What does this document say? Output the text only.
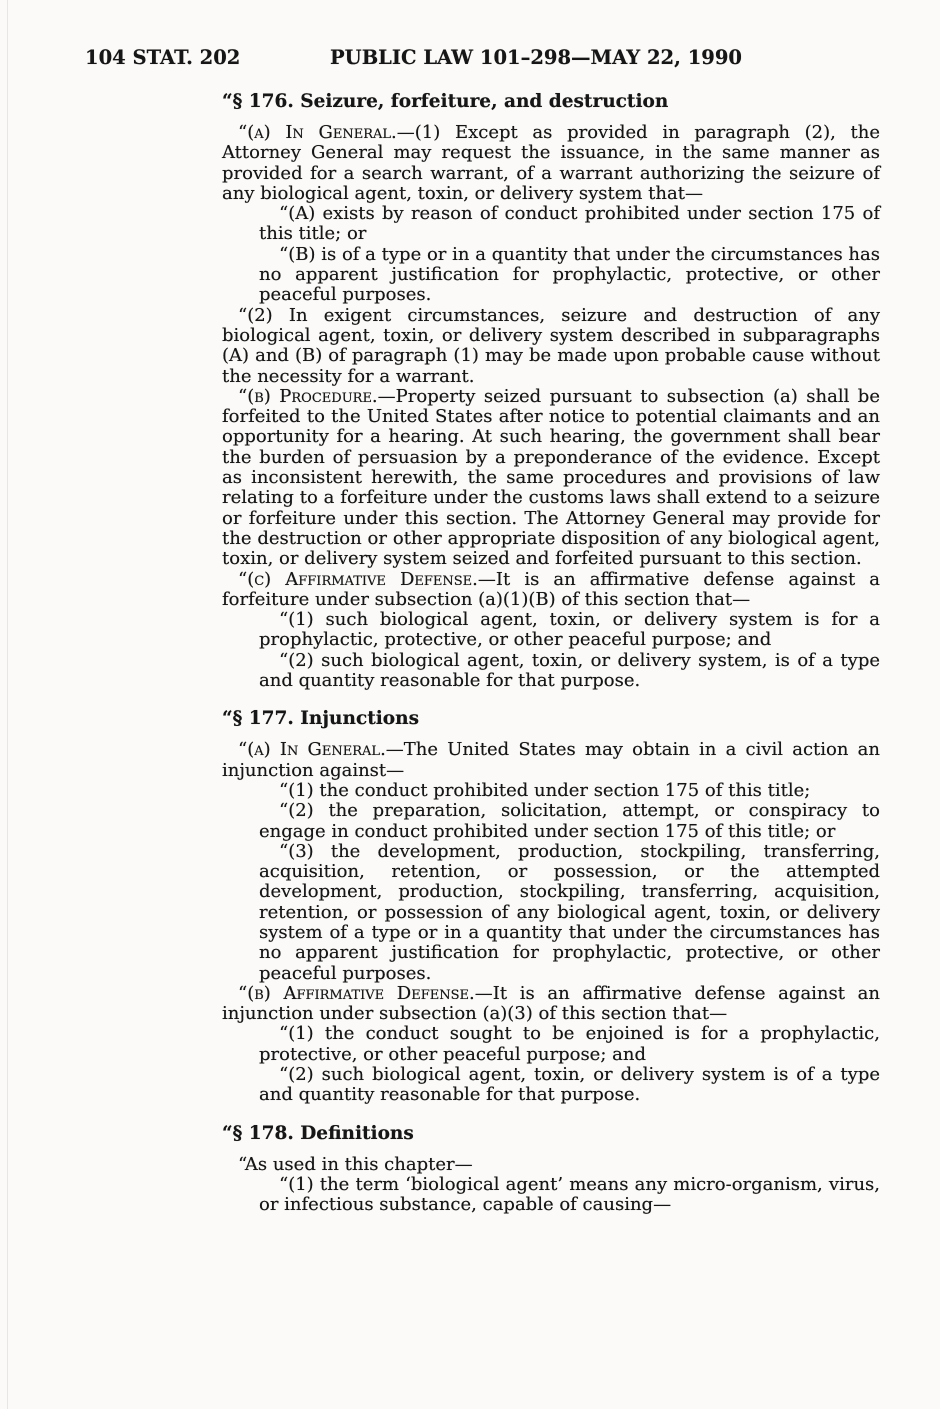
104 STAT. 202	PUBLIC LAW 101–298—MAY 22, 1990
“§ 176. Seizure, forfeiture, and destruction

“(a) In General.—(1) Except as provided in paragraph (2), the Attorney General may request the issuance, in the same manner as provided for a search warrant, of a warrant authorizing the seizure of any biological agent, toxin, or delivery system that—

“(A) exists by reason of conduct prohibited under section 175 of this title; or

“(B) is of a type or in a quantity that under the circumstances has no apparent justification for prophylactic, protective, or other peaceful purposes.

“(2) In exigent circumstances, seizure and destruction of any biological agent, toxin, or delivery system described in subparagraphs (A) and (B) of paragraph (1) may be made upon probable cause without the necessity for a warrant.

“(b) Procedure.—Property seized pursuant to subsection (a) shall be forfeited to the United States after notice to potential claimants and an opportunity for a hearing. At such hearing, the government shall bear the burden of persuasion by a preponderance of the evidence. Except as inconsistent herewith, the same procedures and provisions of law relating to a forfeiture under the customs laws shall extend to a seizure or forfeiture under this section. The Attorney General may provide for the destruction or other appropriate disposition of any biological agent, toxin, or delivery system seized and forfeited pursuant to this section.

“(c) Affirmative Defense.—It is an affirmative defense against a forfeiture under subsection (a)(1)(B) of this section that—

“(1) such biological agent, toxin, or delivery system is for a prophylactic, protective, or other peaceful purpose; and

“(2) such biological agent, toxin, or delivery system, is of a type and quantity reasonable for that purpose.

“§ 177. Injunctions

“(a) In General.—The United States may obtain in a civil action an injunction against—

“(1) the conduct prohibited under section 175 of this title;

“(2) the preparation, solicitation, attempt, or conspiracy to engage in conduct prohibited under section 175 of this title; or

“(3) the development, production, stockpiling, transferring, acquisition, retention, or possession, or the attempted development, production, stockpiling, transferring, acquisition, retention, or possession of any biological agent, toxin, or delivery system of a type or in a quantity that under the circumstances has no apparent justification for prophylactic, protective, or other peaceful purposes.

“(b) Affirmative Defense.—It is an affirmative defense against an injunction under subsection (a)(3) of this section that—

“(1) the conduct sought to be enjoined is for a prophylactic, protective, or other peaceful purpose; and

“(2) such biological agent, toxin, or delivery system is of a type and quantity reasonable for that purpose.

“§ 178. Definitions

“As used in this chapter—

“(1) the term ‘biological agent’ means any micro-organism, virus, or infectious substance, capable of causing—
